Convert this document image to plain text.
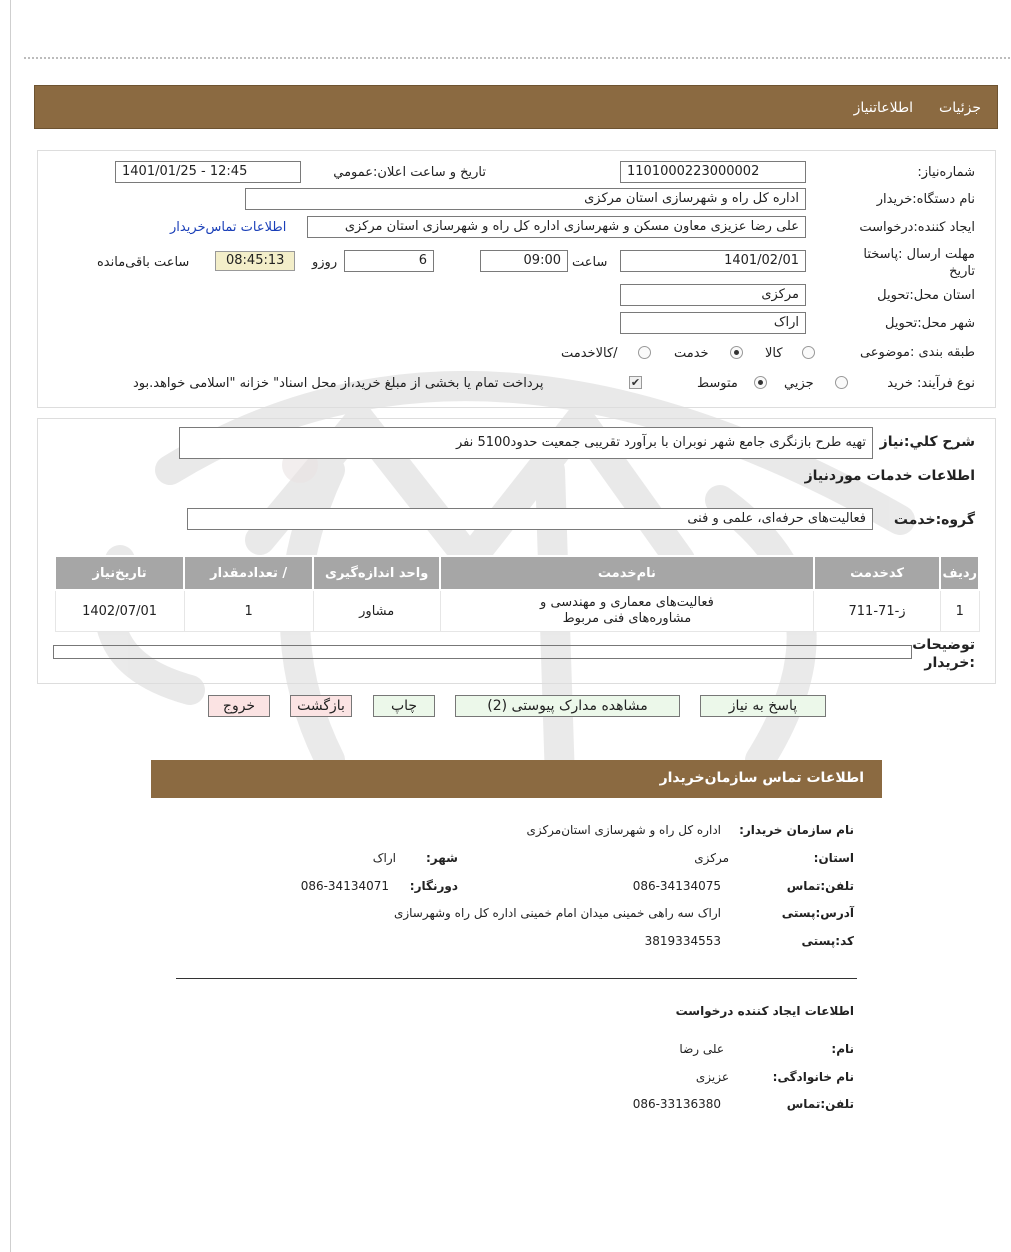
جزئیات
اطلاعاتنیاز
شماره‌نیاز:
1101000223000002
تاریخ و ساعت اعلان:عمومي
1401/01/25 - 12:45
نام دستگاه:خریدار
اداره کل راه و شهرسازی استان مرکزی
ایجاد کننده:درخواست
علی رضا عزیزی معاون مسکن و شهرسازی اداره کل راه و شهرسازی استان مرکزی
اطلاعات تماس‌خریدار
مهلت ارسال :پاسختا تاریخ
1401/02/01
ساعت
09:00
6
روزو
08:45:13
ساعت باقی‌مانده
استان محل:تحویل
مرکزی
شهر محل:تحویل
اراک
طبقه بندی :موضوعی
کالا
خدمت
/کالاخدمت
نوع فرآیند: خرید
جزیي
متوسط
✔
پرداخت تمام یا بخشی از مبلغ خرید،از محل اسناد" خزانه "اسلامی خواهد.بود
شرح کلي:نیاز
تهیه طرح بازنگری جامع شهر نوبران با برآورد تقریبی جمعیت حدود5100 نفر
اطلاعات خدمات موردنیاز
گروه:خدمت
فعالیت‌های حرفه‌ای، علمی و فنی
ردیف	کدخدمت	نام‌خدمت	واحد اندازه‌گیری	/ تعدادمقدار	تاریخ‌نیاز
1	ز-71-711	فعالیت‌های معماری و مهندسی و مشاوره‌های فنی مربوط	مشاور	1	1402/07/01
توضیحات :خریدار
پاسخ به نیاز
مشاهده مدارک پیوستی (2)
چاپ
بازگشت
خروج
اطلاعات تماس سازمان‌خریدار
نام سازمان خریدار:
اداره کل راه و شهرسازی استان‌مرکزی
استان:
مرکزی
شهر:
اراک
تلفن:تماس
086-34134075
دورنگار:
086-34134071
آدرس:پستی
اراک سه راهی خمینی میدان امام خمینی اداره کل راه وشهرسازی
کد:پستی
3819334553
اطلاعات ایجاد کننده درخواست
نام:
علی رضا
نام خانوادگی:
عزیزی
تلفن:تماس
086-33136380
